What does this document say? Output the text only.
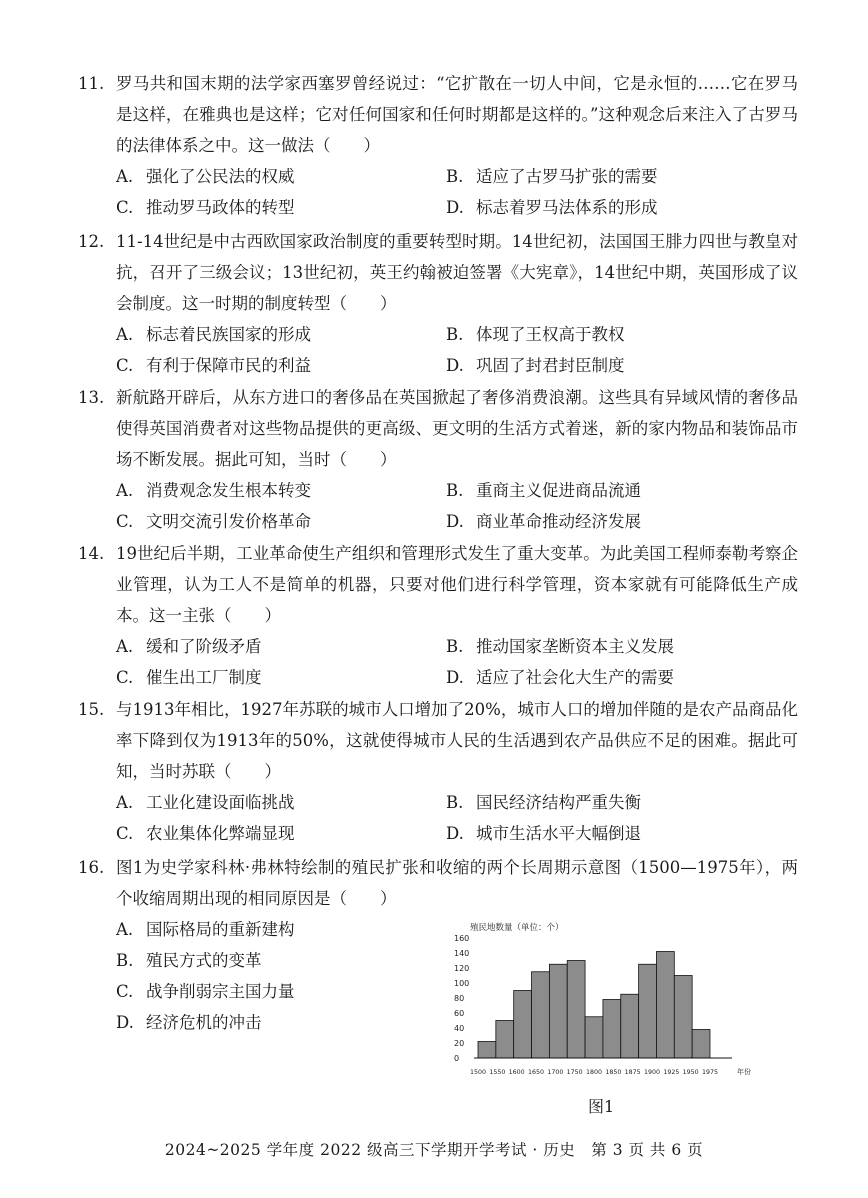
11. 罗马共和国末期的法学家西塞罗曾经说过：“它扩散在一切人中间，它是永恒的……它在罗马是这样，在雅典也是这样；它对任何国家和任何时期都是这样的。”这种观念后来注入了古罗马的法律体系之中。这一做法（　　）
A. 强化了公民法的权威	B. 适应了古罗马扩张的需要
C. 推动罗马政体的转型	D. 标志着罗马法体系的形成
12. 11-14世纪是中古西欧国家政治制度的重要转型时期。14世纪初，法国国王腓力四世与教皇对抗，召开了三级会议；13世纪初，英王约翰被迫签署《大宪章》，14世纪中期，英国形成了议会制度。这一时期的制度转型（　　）
A. 标志着民族国家的形成	B. 体现了王权高于教权
C. 有利于保障市民的利益	D. 巩固了封君封臣制度
13. 新航路开辟后，从东方进口的奢侈品在英国掀起了奢侈消费浪潮。这些具有异域风情的奢侈品使得英国消费者对这些物品提供的更高级、更文明的生活方式着迷，新的家内物品和装饰品市场不断发展。据此可知，当时（　　）
A. 消费观念发生根本转变	B. 重商主义促进商品流通
C. 文明交流引发价格革命	D. 商业革命推动经济发展
14. 19世纪后半期，工业革命使生产组织和管理形式发生了重大变革。为此美国工程师泰勒考察企业管理，认为工人不是简单的机器，只要对他们进行科学管理，资本家就有可能降低生产成本。这一主张（　　）
A. 缓和了阶级矛盾	B. 推动国家垄断资本主义发展
C. 催生出工厂制度	D. 适应了社会化大生产的需要
15. 与1913年相比，1927年苏联的城市人口增加了20%，城市人口的增加伴随的是农产品商品化率下降到仅为1913年的50%，这就使得城市人民的生活遇到农产品供应不足的困难。据此可知，当时苏联（　　）
A. 工业化建设面临挑战	B. 国民经济结构严重失衡
C. 农业集体化弊端显现	D. 城市生活水平大幅倒退
16. 图1为史学家科林·弗林特绘制的殖民扩张和收缩的两个长周期示意图（1500—1975年），两个收缩周期出现的相同原因是（　　）
A. 国际格局的重新建构
B. 殖民方式的变革
C. 战争削弱宗主国力量
D. 经济危机的冲击
殖民地数量（单位：个）
0
20
40
60
80
100
120
140
160
1500 1550 1600 1650 1700 1750 1800 1850 1875 1900 1925 1950 1975	年份
图1
2024~2025 学年度 2022 级高三下学期开学考试 · 历史　第 3 页 共 6 页
